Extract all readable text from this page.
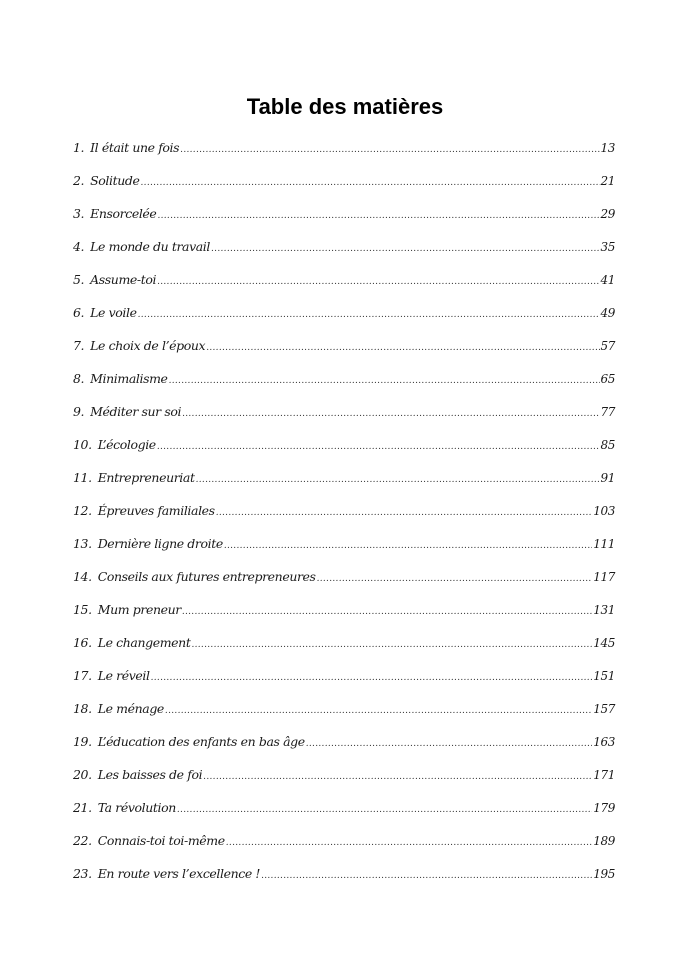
Table des matières
1. Il était une fois .....	13
2. Solitude .....	21
3. Ensorcelée .....	29
4. Le monde du travail .....	35
5. Assume-toi .....	41
6. Le voile .....	49
7. Le choix de l’époux .....	57
8. Minimalisme .....	65
9. Méditer sur soi .....	77
10. L’écologie .....	85
11. Entrepreneuriat .....	91
12. Épreuves familiales .....	103
13. Dernière ligne droite .....	111
14. Conseils aux futures entrepreneures .....	117
15. Mum preneur .....	131
16. Le changement .....	145
17. Le réveil .....	151
18. Le ménage .....	157
19. L’éducation des enfants en bas âge .....	163
20. Les baisses de foi .....	171
21. Ta révolution .....	179
22. Connais-toi toi-même .....	189
23. En route vers l’excellence ! .....	195
